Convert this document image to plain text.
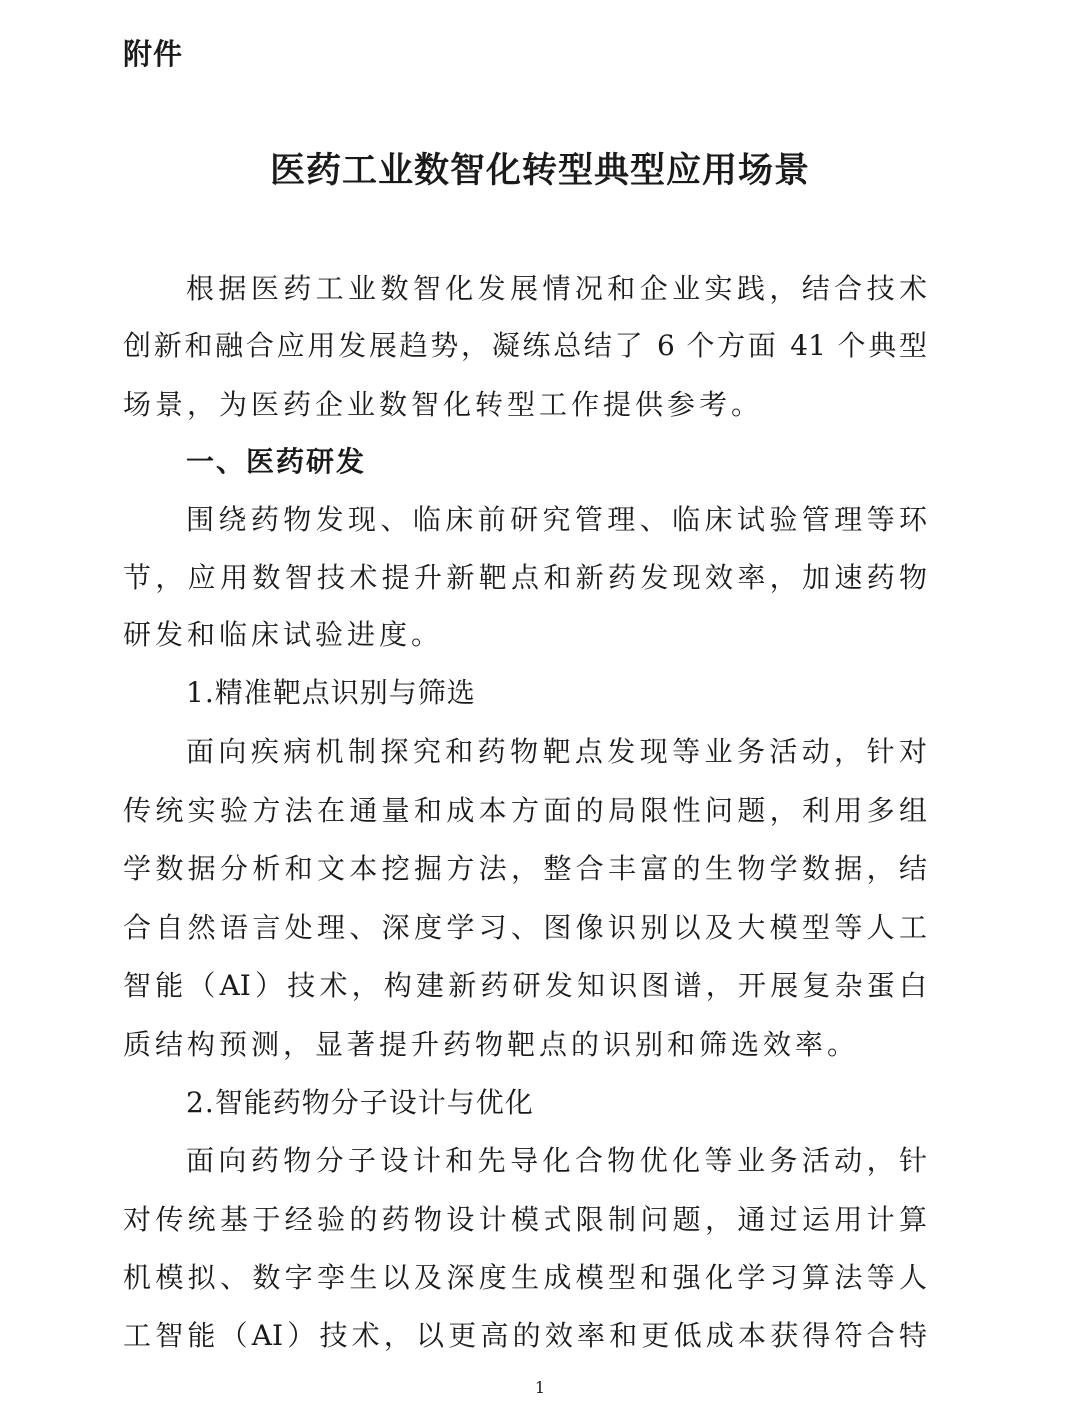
附件
医药工业数智化转型典型应用场景
根据医药工业数智化发展情况和企业实践，结合技术
创新和融合应用发展趋势，凝练总结了 6 个方面 41 个典型
场景，为医药企业数智化转型工作提供参考。
一、医药研发
围绕药物发现、临床前研究管理、临床试验管理等环
节，应用数智技术提升新靶点和新药发现效率，加速药物
研发和临床试验进度。
1.精准靶点识别与筛选
面向疾病机制探究和药物靶点发现等业务活动，针对
传统实验方法在通量和成本方面的局限性问题，利用多组
学数据分析和文本挖掘方法，整合丰富的生物学数据，结
合自然语言处理、深度学习、图像识别以及大模型等人工
智能（AI）技术，构建新药研发知识图谱，开展复杂蛋白
质结构预测，显著提升药物靶点的识别和筛选效率。
2.智能药物分子设计与优化
面向药物分子设计和先导化合物优化等业务活动，针
对传统基于经验的药物设计模式限制问题，通过运用计算
机模拟、数字孪生以及深度生成模型和强化学习算法等人
工智能（AI）技术，以更高的效率和更低成本获得符合特
1
